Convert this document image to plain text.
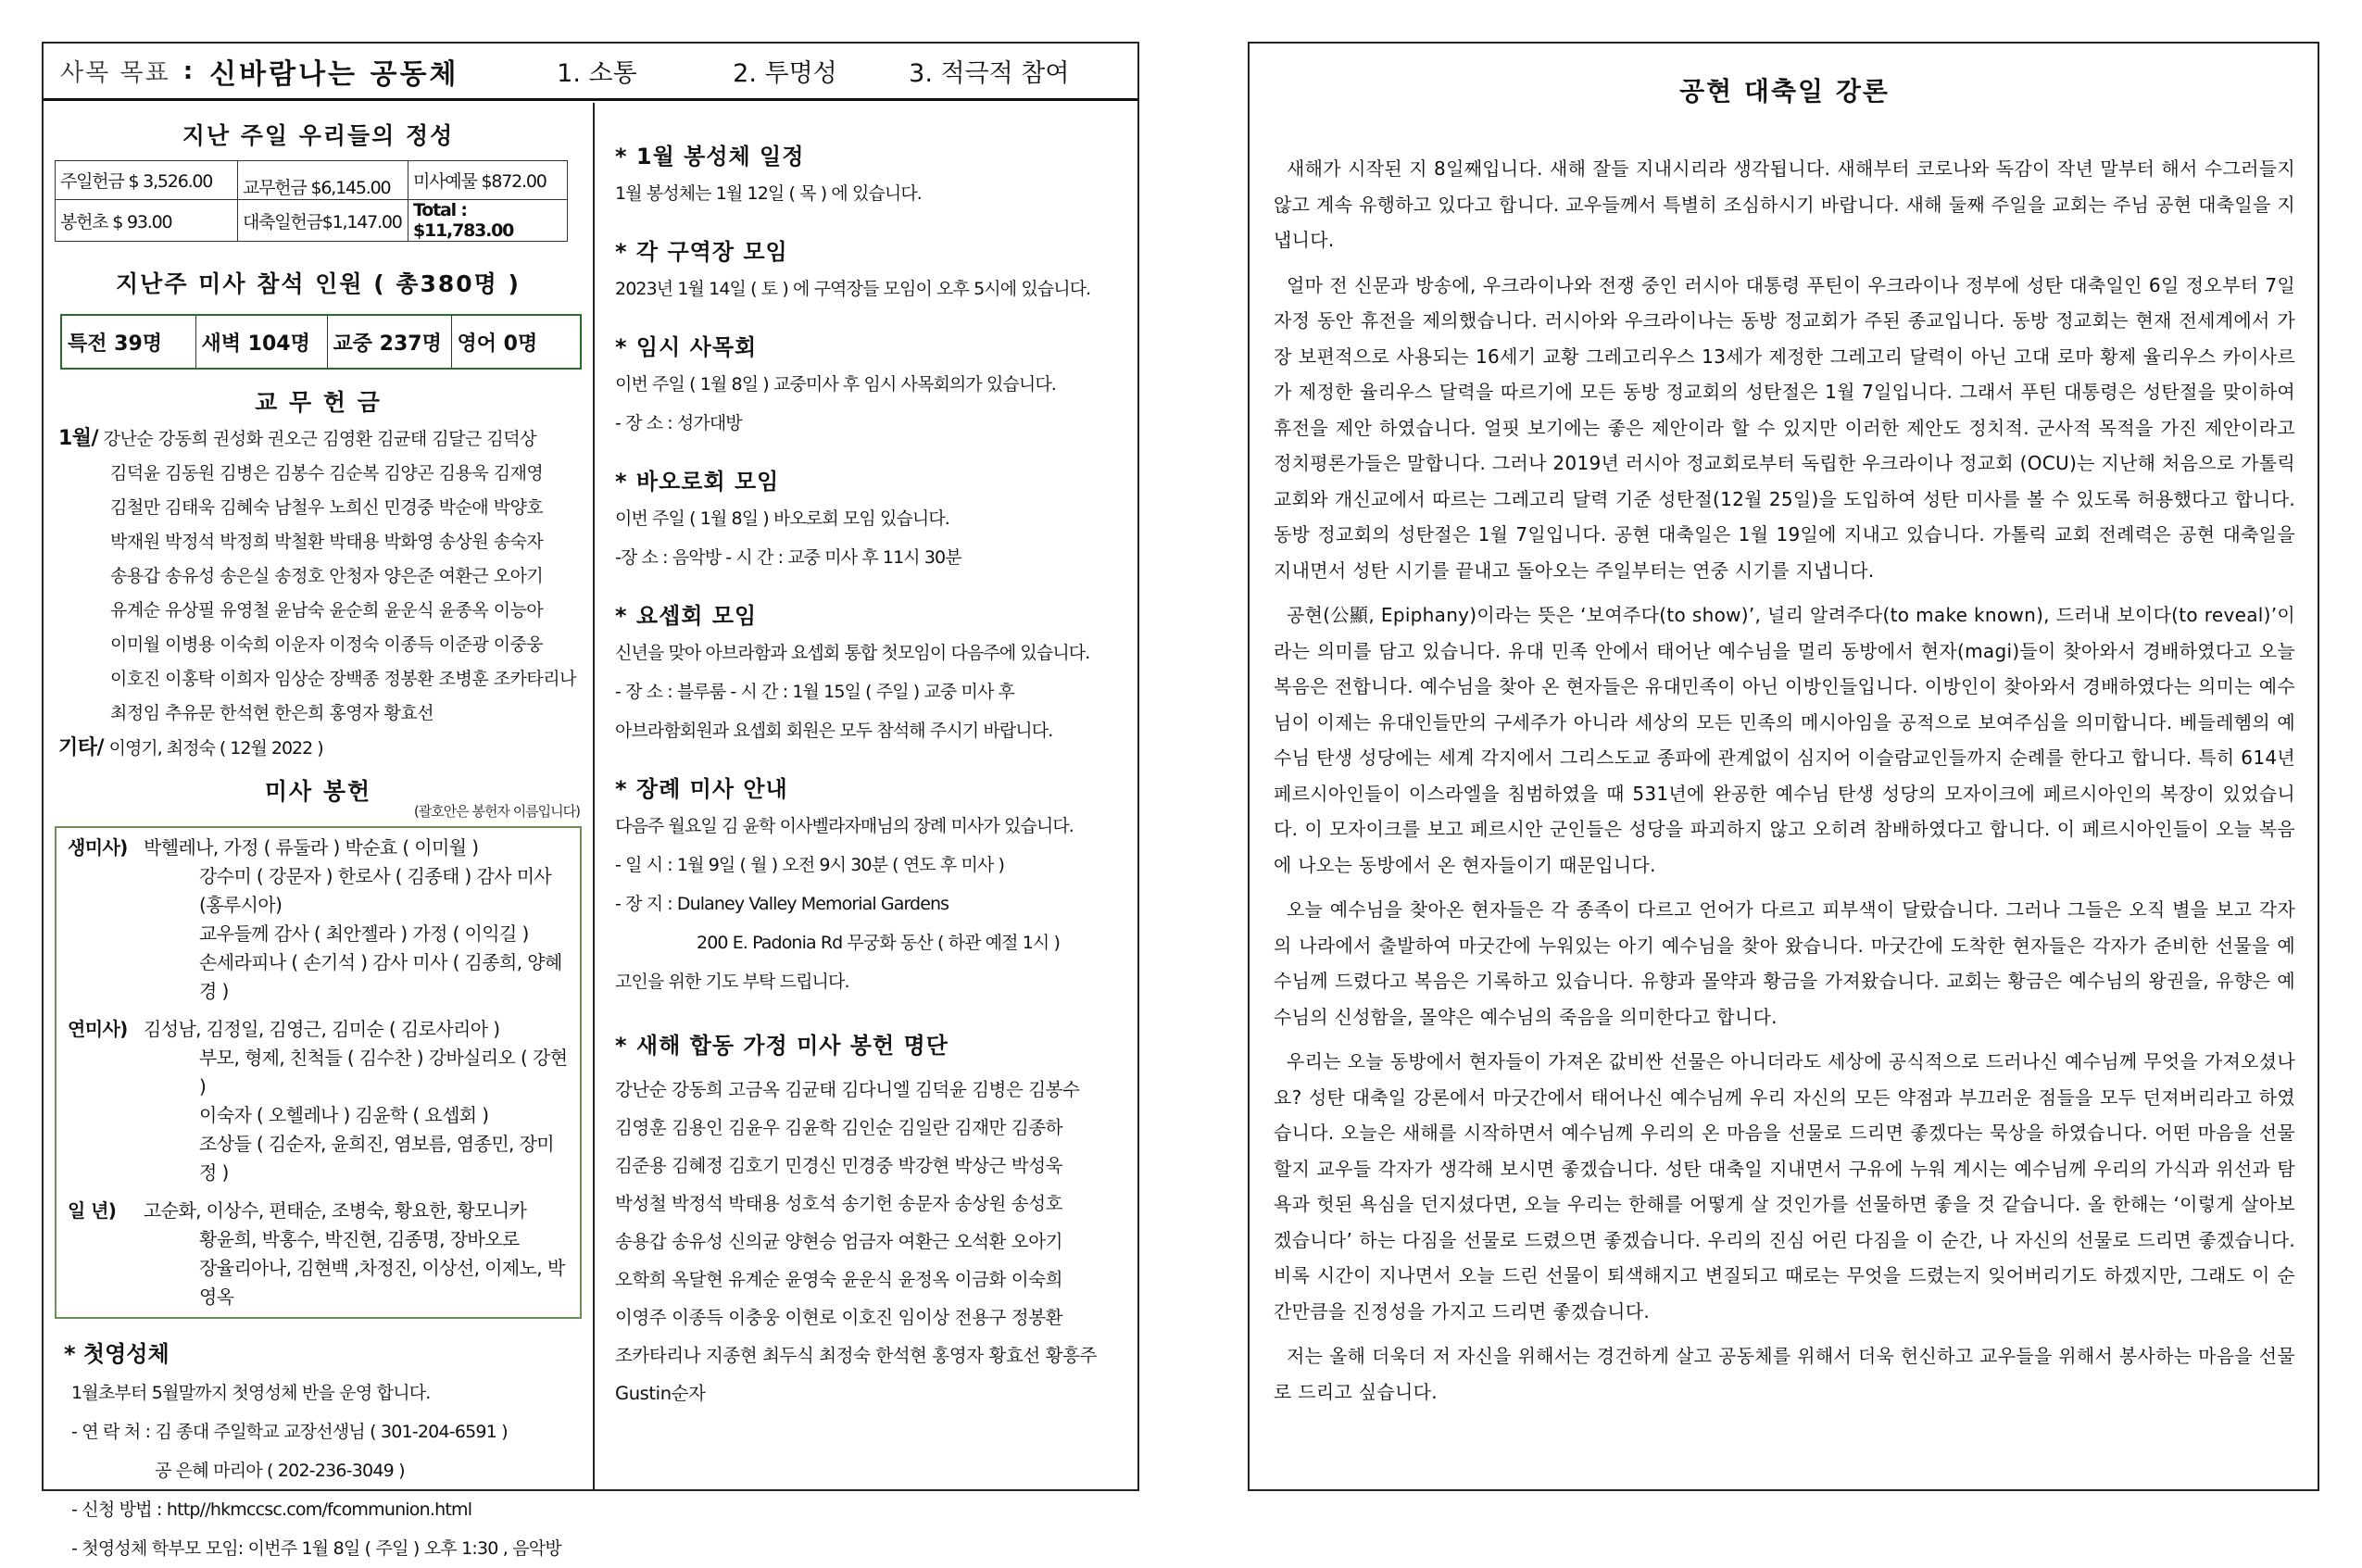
사목 목표 : 신바람나는 공동체	1. 소통	2. 투명성	3. 적극적 참여
지난 주일 우리들의 정성
주일헌금 $ 3,526.00	교무헌금 $6,145.00	미사예물 $872.00
봉헌초 $ 93.00	대축일헌금$1,147.00	Total : $11,783.00
지난주 미사 참석 인원 ( 총380명 )
특전 39명	새벽 104명	교중 237명	영어 0명
교 무 헌 금
1월/ 강난순 강동희 권성화 권오근 김영환 김균태 김달근 김덕상
김덕윤 김동원 김병은 김봉수 김순복 김양곤 김용욱 김재영
김철만 김태욱 김혜숙 남철우 노희신 민경중 박순애 박양호
박재원 박정석 박정희 박철환 박태용 박화영 송상원 송숙자
송용갑 송유성 송은실 송정호 안청자 양은준 여환근 오아기
유계순 유상필 유영철 윤남숙 윤순희 윤운식 윤종옥 이능아
이미월 이병용 이숙희 이운자 이정숙 이종득 이준광 이중웅
이호진 이홍탁 이희자 임상순 장백종 정봉환 조병훈 조카타리나
최정임 추유문 한석현 한은희 홍영자 황효선
기타/ 이영기, 최정숙 ( 12월 2022 )
미사 봉헌
(괄호안은 봉헌자 이름입니다)
생미사) 박헬레나, 가정 ( 류둘라 ) 박순효 ( 이미월 )
강수미 ( 강문자 ) 한로사 ( 김종태 ) 감사 미사 (홍루시아)
교우들께 감사 ( 최안젤라 ) 가정 ( 이익길 )
손세라피나 ( 손기석 ) 감사 미사 ( 김종희, 양혜경 )
연미사) 김성남, 김정일, 김영근, 김미순 ( 김로사리아 )
부모, 형제, 친척들 ( 김수찬 ) 강바실리오 ( 강현 )
이숙자 ( 오헬레나 ) 김윤학 ( 요셉회 )
조상들 ( 김순자, 윤희진, 염보름, 염종민, 장미정 )
일 년)	고순화, 이상수, 편태순, 조병숙, 황요한, 황모니카
황윤희, 박홍수, 박진현, 김종명, 장바오로
장율리아나, 김현백 ,차정진, 이상선, 이제노, 박영옥
* 첫영성체
1월초부터 5월말까지 첫영성체 반을 운영 합니다.
- 연 락 처 : 김 종대 주일학교 교장선생님 ( 301-204-6591 )
공 은혜 마리아 ( 202-236-3049 )
- 신청 방법 : http//hkmccsc.com/fcommunion.html
- 첫영성체 학부모 모임: 이번주 1월 8일 ( 주일 ) 오후 1:30 , 음악방
* 1월 봉성체 일정
1월 봉성체는 1월 12일 ( 목 ) 에 있습니다.
* 각 구역장 모임
2023년 1월 14일 ( 토 ) 에 구역장들 모임이 오후 5시에 있습니다.
* 임시 사목회
이번 주일 ( 1월 8일 ) 교중미사 후 임시 사목회의가 있습니다.
- 장 소 : 성가대방
* 바오로회 모임
이번 주일 ( 1월 8일 ) 바오로회 모임 있습니다.
-장 소 : 음악방 - 시 간 : 교중 미사 후 11시 30분
* 요셉회 모임
신년을 맞아 아브라함과 요셉회 통합 첫모임이 다음주에 있습니다.
- 장 소 : 블루룸 - 시 간 : 1월 15일 ( 주일 ) 교중 미사 후
아브라함회원과 요셉회 회원은 모두 참석해 주시기 바랍니다.
* 장례 미사 안내
다음주 월요일 김 윤학 이사벨라자매님의 장례 미사가 있습니다.
- 일 시 : 1월 9일 ( 월 ) 오전 9시 30분 ( 연도 후 미사 )
- 장 지 : Dulaney Valley Memorial Gardens
200 E. Padonia Rd 무궁화 동산 ( 하관 예절 1시 )
고인을 위한 기도 부탁 드립니다.
* 새해 합동 가정 미사 봉헌 명단
강난순 강동희 고금옥 김균태 김다니엘 김덕윤 김병은 김봉수
김영훈 김용인 김윤우 김윤학 김인순 김일란 김재만 김종하
김준용 김혜정 김호기 민경신 민경중 박강현 박상근 박성욱
박성철 박정석 박태용 성호석 송기헌 송문자 송상원 송성호
송용갑 송유성 신의균 양현승 엄금자 여환근 오석환 오아기
오학희 옥달현 유계순 윤영숙 윤운식 윤정옥 이금화 이숙희
이영주 이종득 이충웅 이현로 이호진 임이상 전용구 정봉환
조카타리나 지종현 최두식 최정숙 한석현 홍영자 황효선 황흥주
Gustin순자
공현 대축일 강론

새해가 시작된 지 8일째입니다. 새해 잘들 지내시리라 생각됩니다. 새해부터 코로나와 독감이 작년 말부터 해서 수그러들지 않고 계속 유행하고 있다고 합니다. 교우들께서 특별히 조심하시기 바랍니다. 새해 둘째 주일을 교회는 주님 공현 대축일을 지냅니다.

얼마 전 신문과 방송에, 우크라이나와 전쟁 중인 러시아 대통령 푸틴이 우크라이나 정부에 성탄 대축일인 6일 정오부터 7일 자정 동안 휴전을 제의했습니다. 러시아와 우크라이나는 동방 정교회가 주된 종교입니다. 동방 정교회는 현재 전세계에서 가장 보편적으로 사용되는 16세기 교황 그레고리우스 13세가 제정한 그레고리 달력이 아닌 고대 로마 황제 율리우스 카이사르가 제정한 율리우스 달력을 따르기에 모든 동방 정교회의 성탄절은 1월 7일입니다. 그래서 푸틴 대통령은 성탄절을 맞이하여 휴전을 제안 하였습니다. 얼핏 보기에는 좋은 제안이라 할 수 있지만 이러한 제안도 정치적. 군사적 목적을 가진 제안이라고 정치평론가들은 말합니다. 그러나 2019년 러시아 정교회로부터 독립한 우크라이나 정교회 (OCU)는 지난해 처음으로 가톨릭 교회와 개신교에서 따르는 그레고리 달력 기준 성탄절(12월 25일)을 도입하여 성탄 미사를 볼 수 있도록 허용했다고 합니다. 동방 정교회의 성탄절은 1월 7일입니다. 공현 대축일은 1월 19일에 지내고 있습니다. 가톨릭 교회 전례력은 공현 대축일을 지내면서 성탄 시기를 끝내고 돌아오는 주일부터는 연중 시기를 지냅니다.

공현(公顯, Epiphany)이라는 뜻은 ‘보여주다(to show)’, 널리 알려주다(to make known), 드러내 보이다(to reveal)’이라는 의미를 담고 있습니다. 유대 민족 안에서 태어난 예수님을 멀리 동방에서 현자(magi)들이 찾아와서 경배하였다고 오늘 복음은 전합니다. 예수님을 찾아 온 현자들은 유대민족이 아닌 이방인들입니다. 이방인이 찾아와서 경배하였다는 의미는 예수님이 이제는 유대인들만의 구세주가 아니라 세상의 모든 민족의 메시아임을 공적으로 보여주심을 의미합니다. 베들레헴의 예수님 탄생 성당에는 세계 각지에서 그리스도교 종파에 관계없이 심지어 이슬람교인들까지 순례를 한다고 합니다. 특히 614년 페르시아인들이 이스라엘을 침범하였을 때 531년에 완공한 예수님 탄생 성당의 모자이크에 페르시아인의 복장이 있었습니다. 이 모자이크를 보고 페르시안 군인들은 성당을 파괴하지 않고 오히려 참배하였다고 합니다. 이 페르시아인들이 오늘 복음에 나오는 동방에서 온 현자들이기 때문입니다.

오늘 예수님을 찾아온 현자들은 각 종족이 다르고 언어가 다르고 피부색이 달랐습니다. 그러나 그들은 오직 별을 보고 각자의 나라에서 출발하여 마굿간에 누워있는 아기 예수님을 찾아 왔습니다. 마굿간에 도착한 현자들은 각자가 준비한 선물을 예수님께 드렸다고 복음은 기록하고 있습니다. 유향과 몰약과 황금을 가져왔습니다. 교회는 황금은 예수님의 왕권을, 유향은 예수님의 신성함을, 몰약은 예수님의 죽음을 의미한다고 합니다.

우리는 오늘 동방에서 현자들이 가져온 값비싼 선물은 아니더라도 세상에 공식적으로 드러나신 예수님께 무엇을 가져오셨나요? 성탄 대축일 강론에서 마굿간에서 태어나신 예수님께 우리 자신의 모든 약점과 부끄러운 점들을 모두 던져버리라고 하였습니다. 오늘은 새해를 시작하면서 예수님께 우리의 온 마음을 선물로 드리면 좋겠다는 묵상을 하였습니다. 어떤 마음을 선물할지 교우들 각자가 생각해 보시면 좋겠습니다. 성탄 대축일 지내면서 구유에 누워 계시는 예수님께 우리의 가식과 위선과 탐욕과 헛된 욕심을 던지셨다면, 오늘 우리는 한해를 어떻게 살 것인가를 선물하면 좋을 것 같습니다. 올 한해는 ‘이렇게 살아보겠습니다’ 하는 다짐을 선물로 드렸으면 좋겠습니다. 우리의 진심 어린 다짐을 이 순간, 나 자신의 선물로 드리면 좋겠습니다. 비록 시간이 지나면서 오늘 드린 선물이 퇴색해지고 변질되고 때로는 무엇을 드렸는지 잊어버리기도 하겠지만, 그래도 이 순간만큼을 진정성을 가지고 드리면 좋겠습니다.

저는 올해 더욱더 저 자신을 위해서는 경건하게 살고 공동체를 위해서 더욱 헌신하고 교우들을 위해서 봉사하는 마음을 선물로 드리고 싶습니다.
